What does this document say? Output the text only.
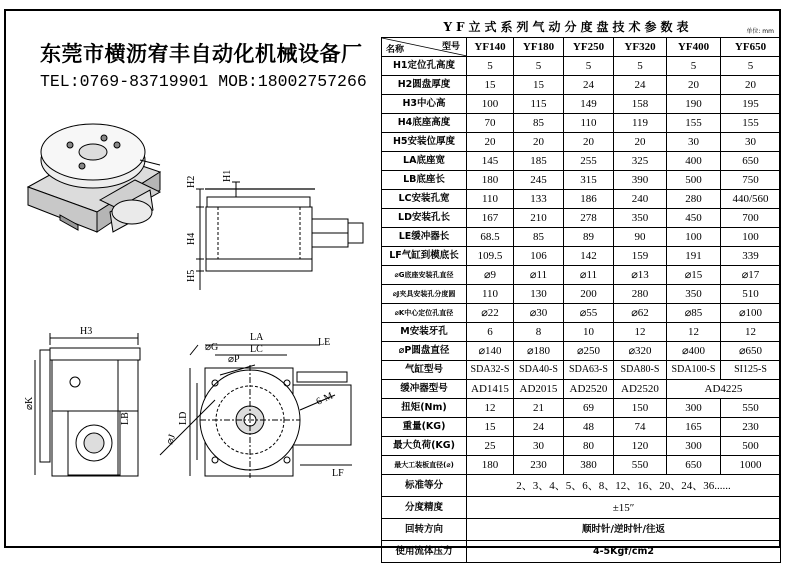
东莞市横沥宥丰自动化机械设备厂
TEL:0769-83719901 MOB:18002757266
H2	H1
H4
H5
H3
⌀K
LB
LA
LC
LE
LD
⌀J
6-M
⌀P
⌀G
LF
YF立式系列气动分度盘技术参数表	单位: mm
名称 型号	YF140	YF180	YF250	YF320	YF400	YF650
H1定位孔高度	5	5	5	5	5	5
H2圆盘厚度	15	15	24	24	20	20
H3中心高	100	115	149	158	190	195
H4底座高度	70	85	110	119	155	155
H5安装位厚度	20	20	20	20	30	30
LA底座宽	145	185	255	325	400	650
LB底座长	180	245	315	390	500	750
LC安装孔宽	110	133	186	240	280	440/560
LD安装孔长	167	210	278	350	450	700
LE缓冲器长	68.5	85	89	90	100	100
LF气缸到模底长	109.5	106	142	159	191	339
⌀G底座安装孔直径	⌀9	⌀11	⌀11	⌀13	⌀15	⌀17
⌀J夹具安装孔分度圆	110	130	200	280	350	510
⌀K中心定位孔直径	⌀22	⌀30	⌀55	⌀62	⌀85	⌀100
M安装牙孔	6	8	10	12	12	12
⌀P圆盘直径	⌀140	⌀180	⌀250	⌀320	⌀400	⌀650
气缸型号	SDA32-S	SDA40-S	SDA63-S	SDA80-S	SDA100-S	SI125-S
缓冲器型号	AD1415	AD2015	AD2520	AD2520	AD4225	
扭矩(Nm)	12	21	69	150	300	550
重量(KG)	15	24	48	74	165	230
最大负荷(KG)	25	30	80	120	300	500
最大工装板直径(⌀)	180	230	380	550	650	1000
标准等分	2、3、4、5、6、8、12、16、20、24、36......					
分度精度	±15″					
回转方向	顺时针/逆时针/往返					
使用流体压力	4-5Kgf/cm2					
